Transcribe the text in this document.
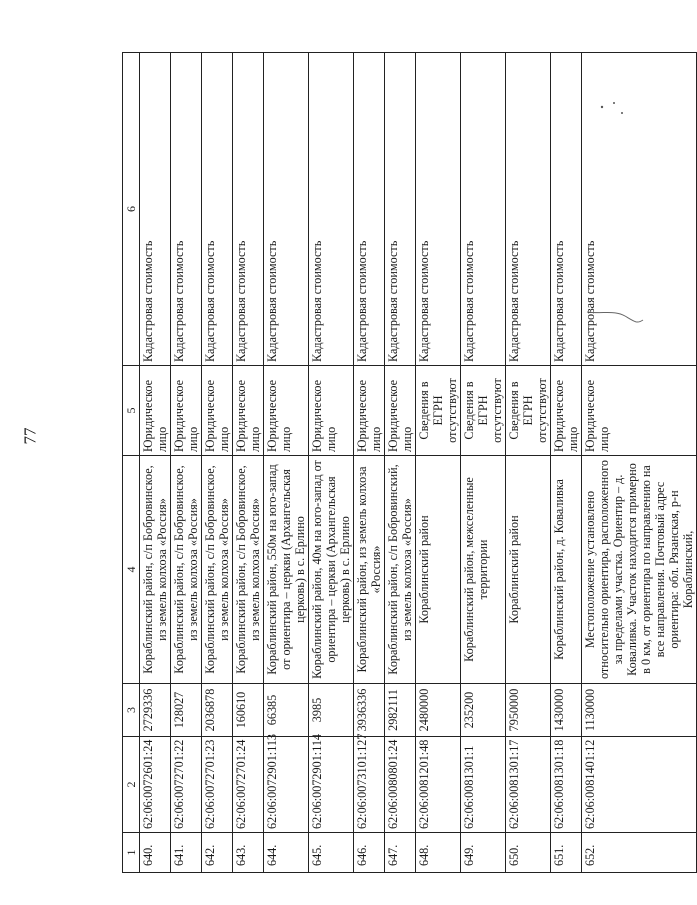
77
1	2	3	4	5	6
640.	62:06:0072601:24	2729336	Кораблинский район, с/п Бобровинское, из земель колхоза «Россия»	Юридическое лицо	Кадастровая стоимость
641.	62:06:0072701:22	128027	Кораблинский район, с/п Бобровинское, из земель колхоза «Россия»	Юридическое лицо	Кадастровая стоимость
642.	62:06:0072701:23	2036878	Кораблинский район, с/п Бобровинское, из земель колхоза «Россия»	Юридическое лицо	Кадастровая стоимость
643.	62:06:0072701:24	160610	Кораблинский район, с/п Бобровинское, из земель колхоза «Россия»	Юридическое лицо	Кадастровая стоимость
644.	62:06:0072901:113	66385	Кораблинский район, 550м на юго-запад от ориентира – церкви (Архангельская церковь) в с. Ерлино	Юридическое лицо	Кадастровая стоимость
645.	62:06:0072901:114	3985	Кораблинский район, 40м на юго-запад от ориентира – церкви (Архангельская церковь) в с. Ерлино	Юридическое лицо	Кадастровая стоимость
646.	62:06:0073101:127	3936336	Кораблинский район, из земель колхоза «Россия»	Юридическое лицо	Кадастровая стоимость
647.	62:06:0080801:24	2982111	Кораблинский район, с/п Бобровинский, из земель колхоза «Россия»	Юридическое лицо	Кадастровая стоимость
648.	62:06:0081201:48	2480000	Кораблинский район	Сведения в ЕГРН отсутствуют	Кадастровая стоимость
649.	62:06:0081301:1	235200	Кораблинский район, межселенные территории	Сведения в ЕГРН отсутствуют	Кадастровая стоимость
650.	62:06:0081301:17	7950000	Кораблинский район	Сведения в ЕГРН отсутствуют	Кадастровая стоимость
651.	62:06:0081301:18	1430000	Кораблинский район, д. Коваливка	Юридическое лицо	Кадастровая стоимость
652.	62:06:0081401:12	1130000	Местоположение установлено относительно ориентира, расположенного за пределами участка. Ориентир – д. Коваливка. Участок находится примерно в 0 км, от ориентира по направлению на все направления. Почтовый адрес ориентира: обл. Рязанская, р-н Кораблинский,	Юридическое лицо	Кадастровая стоимость
